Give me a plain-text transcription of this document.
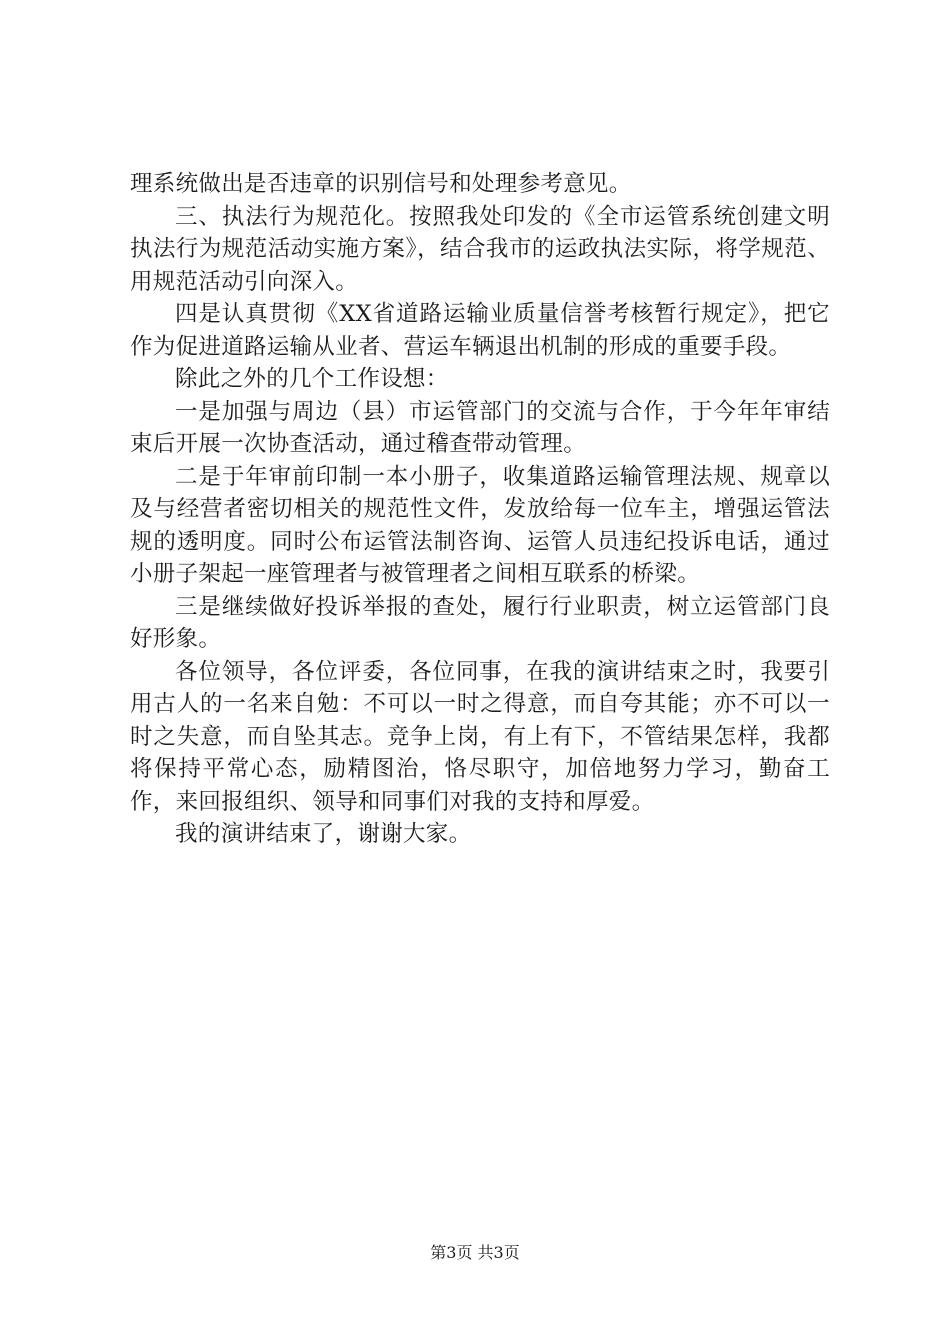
理系统做出是否违章的识别信号和处理参考意见。

三、执法行为规范化。按照我处印发的《全市运管系统创建文明执法行为规范活动实施方案》，结合我市的运政执法实际，将学规范、用规范活动引向深入。

四是认真贯彻《XX省道路运输业质量信誉考核暂行规定》，把它作为促进道路运输从业者、营运车辆退出机制的形成的重要手段。

除此之外的几个工作设想：

一是加强与周边（县）市运管部门的交流与合作，于今年年审结束后开展一次协查活动，通过稽查带动管理。

二是于年审前印制一本小册子，收集道路运输管理法规、规章以及与经营者密切相关的规范性文件，发放给每一位车主，增强运管法规的透明度。同时公布运管法制咨询、运管人员违纪投诉电话，通过小册子架起一座管理者与被管理者之间相互联系的桥梁。

三是继续做好投诉举报的查处，履行行业职责，树立运管部门良好形象。

各位领导，各位评委，各位同事，在我的演讲结束之时，我要引用古人的一名来自勉：不可以一时之得意，而自夸其能；亦不可以一时之失意，而自坠其志。竞争上岗，有上有下，不管结果怎样，我都将保持平常心态，励精图治，恪尽职守，加倍地努力学习，勤奋工作，来回报组织、领导和同事们对我的支持和厚爱。

我的演讲结束了，谢谢大家。

第3页 共3页
